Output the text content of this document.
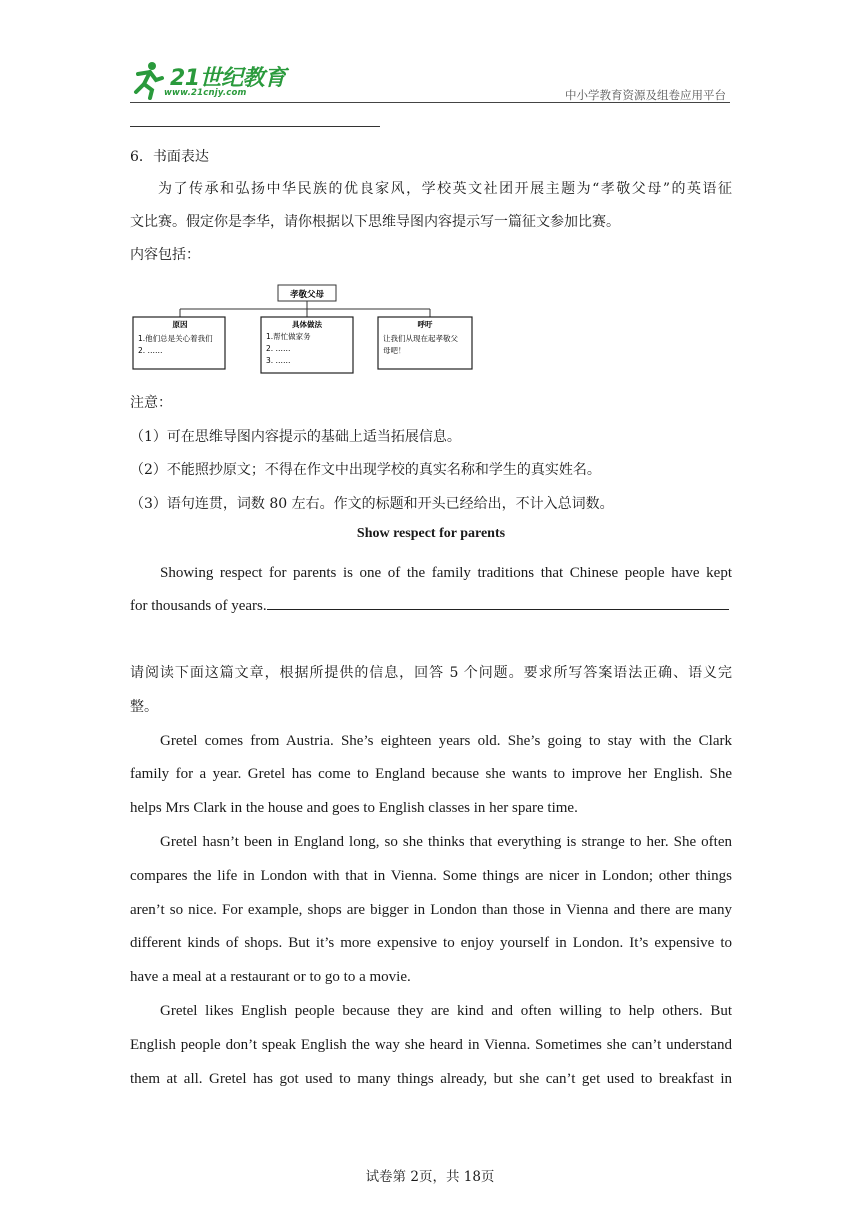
21世纪教育
www.21cnjy.com	中小学教育资源及组卷应用平台
6．书面表达
为了传承和弘扬中华民族的优良家风，学校英文社团开展主题为“孝敬父母”的英语征
文比赛。假定你是李华，请你根据以下思维导图内容提示写一篇征文参加比赛。
内容包括：
孝敬父母
原因
1.他们总是关心着我们
2. ……
具体做法
1.帮忙做家务
2. ……
3. ……
呼吁
让我们从现在起孝敬父
母吧！
注意：
（1）可在思维导图内容提示的基础上适当拓展信息。
（2）不能照抄原文；不得在作文中出现学校的真实名称和学生的真实姓名。
（3）语句连贯，词数 80 左右。作文的标题和开头已经给出，不计入总词数。
Show respect for parents
Showing respect for parents is one of the family traditions that Chinese people have kept
for thousands of years.
请阅读下面这篇文章，根据所提供的信息，回答 5 个问题。要求所写答案语法正确、语义完
整。
Gretel comes from Austria. She’s eighteen years old. She’s going to stay with the Clark
family for a year. Gretel has come to England because she wants to improve her English. She
helps Mrs Clark in the house and goes to English classes in her spare time.
Gretel hasn’t been in England long, so she thinks that everything is strange to her. She often
compares the life in London with that in Vienna. Some things are nicer in London; other things
aren’t so nice. For example, shops are bigger in London than those in Vienna and there are many
different kinds of shops. But it’s more expensive to enjoy yourself in London. It’s expensive to
have a meal at a restaurant or to go to a movie.
Gretel likes English people because they are kind and often willing to help others. But
English people don’t speak English the way she heard in Vienna. Sometimes she can’t understand
them at all. Gretel has got used to many things already, but she can’t get used to breakfast in
试卷第 2页，共 18页
